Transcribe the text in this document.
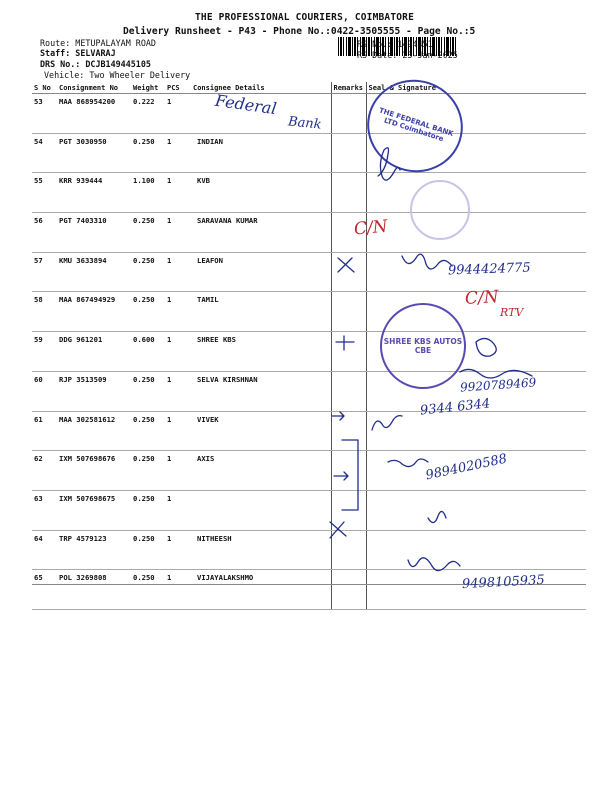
THE PROFESSIONAL COURIERS, COIMBATORE
Delivery Runsheet - P43 - Phone No.:0422-3505555 - Page No.:5
Route: METUPALAYAM ROAD
Staff: SELVARAJ
DRS No.: DCJB149445105
Vehicle: Two Wheeler Delivery
RS No.: 1494451
RS Date: 23-Jan-2025
S No	Consignment No	Weight	PCS	Consignee Details	Remarks	Seal & Signature
53	MAA 868954200	0.222	1			
54	PGT 3030950	0.250	1	INDIAN		
55	KRR 939444	1.100	1	KVB		
56	PGT 7403310	0.250	1	SARAVANA KUMAR		
57	KMU 3633894	0.250	1	LEAFON		
58	MAA 867494929	0.250	1	TAMIL		
59	DDG 961201	0.600	1	SHREE KBS		
60	RJP 3513509	0.250	1	SELVA KIRSHNAN		
61	MAA 302581612	0.250	1	VIVEK		
62	IXM 507698676	0.250	1	AXIS		
63	IXM 507698675	0.250	1			
64	TRP 4579123	0.250	1	NITHEESH		
65	POL 3269808	0.250	1	VIJAYALAKSHMO		
THE FEDERAL BANK LTD Coimbatore
SHREE KBS AUTOS CBE
Federal
Bank
C/N
C/N
RTV
9944424775
9920789469
9344 6344
9894020588
9498105935
